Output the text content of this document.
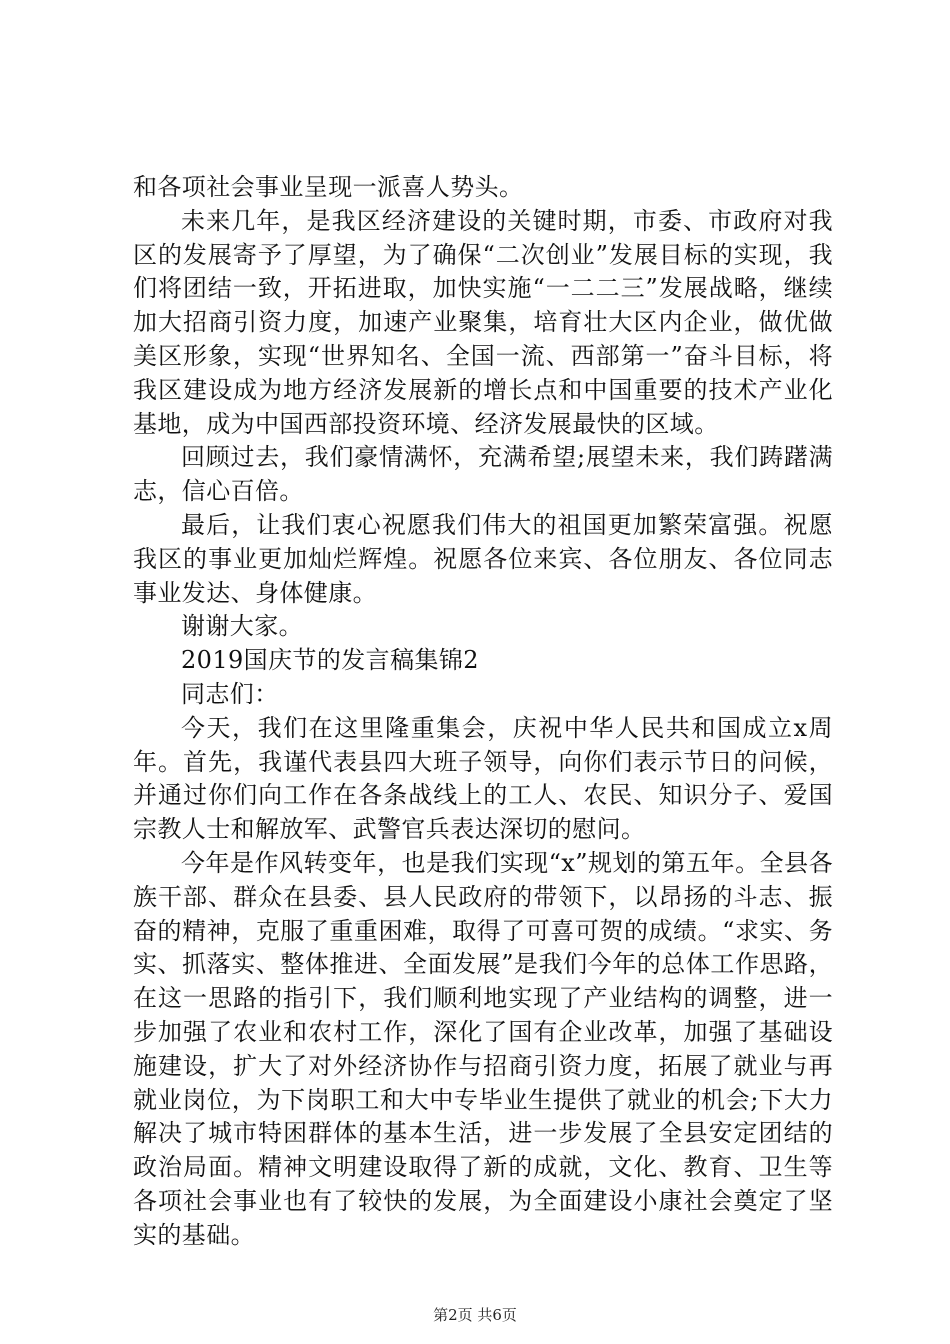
和各项社会事业呈现一派喜人势头。

未来几年，是我区经济建设的关键时期，市委、市政府对我区的发展寄予了厚望，为了确保“二次创业”发展目标的实现，我们将团结一致，开拓进取，加快实施“一二二三”发展战略，继续加大招商引资力度，加速产业聚集，培育壮大区内企业，做优做美区形象，实现“世界知名、全国一流、西部第一”奋斗目标，将我区建设成为地方经济发展新的增长点和中国重要的技术产业化基地，成为中国西部投资环境、经济发展最快的区域。

回顾过去，我们豪情满怀，充满希望;展望未来，我们踌躇满志，信心百倍。

最后，让我们衷心祝愿我们伟大的祖国更加繁荣富强。祝愿我区的事业更加灿烂辉煌。祝愿各位来宾、各位朋友、各位同志事业发达、身体健康。

谢谢大家。

2019国庆节的发言稿集锦2

同志们：

今天，我们在这里隆重集会，庆祝中华人民共和国成立x周年。首先，我谨代表县四大班子领导，向你们表示节日的问候，并通过你们向工作在各条战线上的工人、农民、知识分子、爱国宗教人士和解放军、武警官兵表达深切的慰问。

今年是作风转变年，也是我们实现“x”规划的第五年。全县各族干部、群众在县委、县人民政府的带领下，以昂扬的斗志、振奋的精神，克服了重重困难，取得了可喜可贺的成绩。“求实、务实、抓落实、整体推进、全面发展”是我们今年的总体工作思路，在这一思路的指引下，我们顺利地实现了产业结构的调整，进一步加强了农业和农村工作，深化了国有企业改革，加强了基础设施建设，扩大了对外经济协作与招商引资力度，拓展了就业与再就业岗位，为下岗职工和大中专毕业生提供了就业的机会;下大力解决了城市特困群体的基本生活，进一步发展了全县安定团结的政治局面。精神文明建设取得了新的成就，文化、教育、卫生等各项社会事业也有了较快的发展，为全面建设小康社会奠定了坚实的基础。

第2页 共6页
